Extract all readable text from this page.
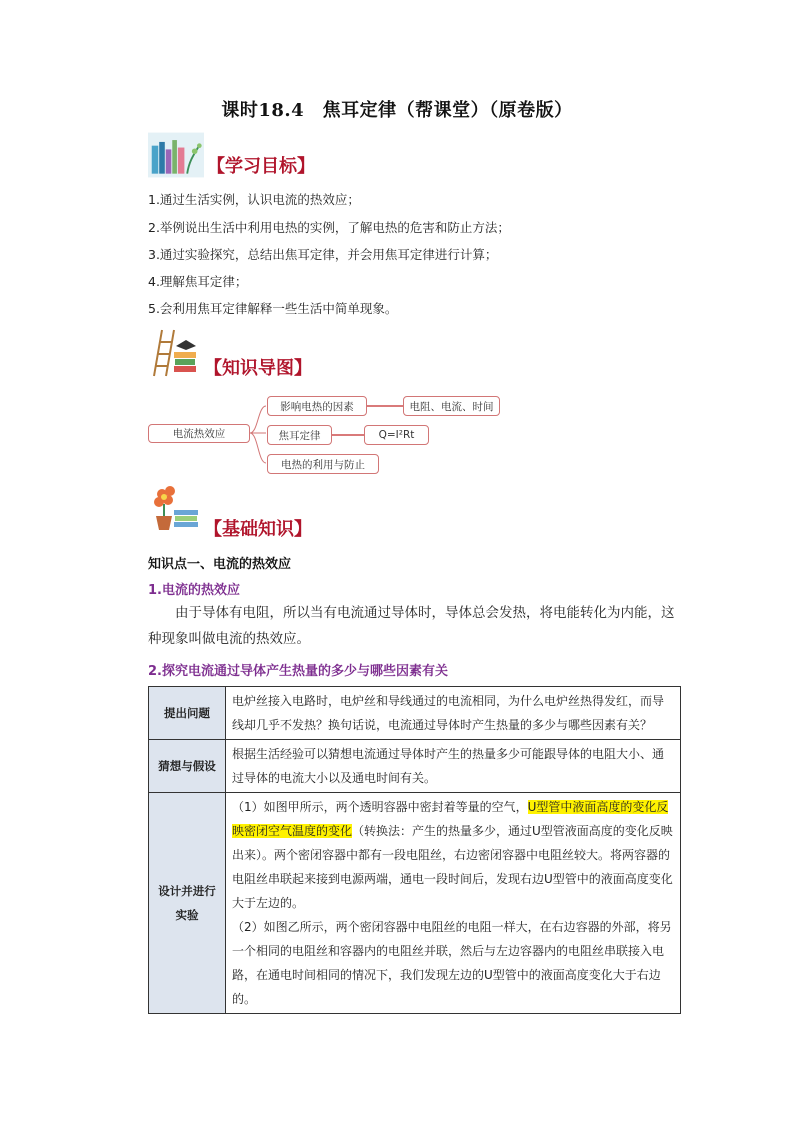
课时18.4　焦耳定律（帮课堂）（原卷版）
【学习目标】
1.通过生活实例，认识电流的热效应；
2.举例说出生活中利用电热的实例，了解电热的危害和防止方法；
3.通过实验探究，总结出焦耳定律，并会用焦耳定律进行计算；
4.理解焦耳定律；
5.会利用焦耳定律解释一些生活中简单现象。
【知识导图】
电流热效应
影响电热的因素	电阻、电流、时间
焦耳定律	Q=I²Rt
电热的利用与防止
【基础知识】
知识点一、电流的热效应
1.电流的热效应
由于导体有电阻，所以当有电流通过导体时，导体总会发热，将电能转化为内能，这种现象叫做电流的热效应。
2.探究电流通过导体产生热量的多少与哪些因素有关
提出问题	电炉丝接入电路时，电炉丝和导线通过的电流相同，为什么电炉丝热得发红，而导线却几乎不发热？换句话说，电流通过导体时产生热量的多少与哪些因素有关？
猜想与假设	根据生活经验可以猜想电流通过导体时产生的热量多少可能跟导体的电阻大小、通过导体的电流大小以及通电时间有关。
设计并进行实验	（1）如图甲所示，两个透明容器中密封着等量的空气，U型管中液面高度的变化反映密闭空气温度的变化（转换法：产生的热量多少，通过U型管液面高度的变化反映出来）。两个密闭容器中都有一段电阻丝，右边密闭容器中电阻丝较大。将两容器的电阻丝串联起来接到电源两端，通电一段时间后，发现右边U型管中的液面高度变化大于左边的。
（2）如图乙所示，两个密闭容器中电阻丝的电阻一样大，在右边容器的外部，将另一个相同的电阻丝和容器内的电阻丝并联，然后与左边容器内的电阻丝串联接入电路，在通电时间相同的情况下，我们发现左边的U型管中的液面高度变化大于右边的。
